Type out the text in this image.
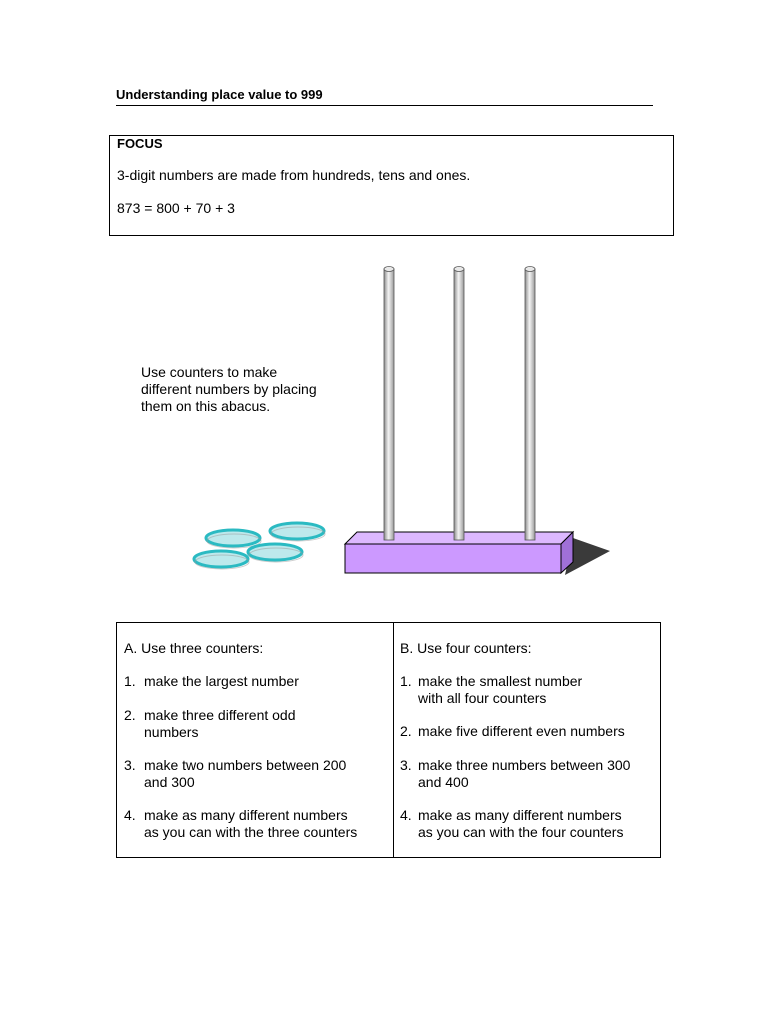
Understanding place value to 999
FOCUS
3-digit numbers are made from hundreds, tens and ones.
873 = 800 + 70 + 3
Use counters to make
different numbers by placing
them on this abacus.
A. Use three counters:
1. make the largest number
2. make three different odd
numbers
3. make two numbers between 200
and 300
4. make as many different numbers
as you can with the three counters
B. Use four counters:
1. make the smallest number
with all four counters
2. make five different even numbers
3. make three numbers between 300
and 400
4. make as many different numbers
as you can with the four counters
